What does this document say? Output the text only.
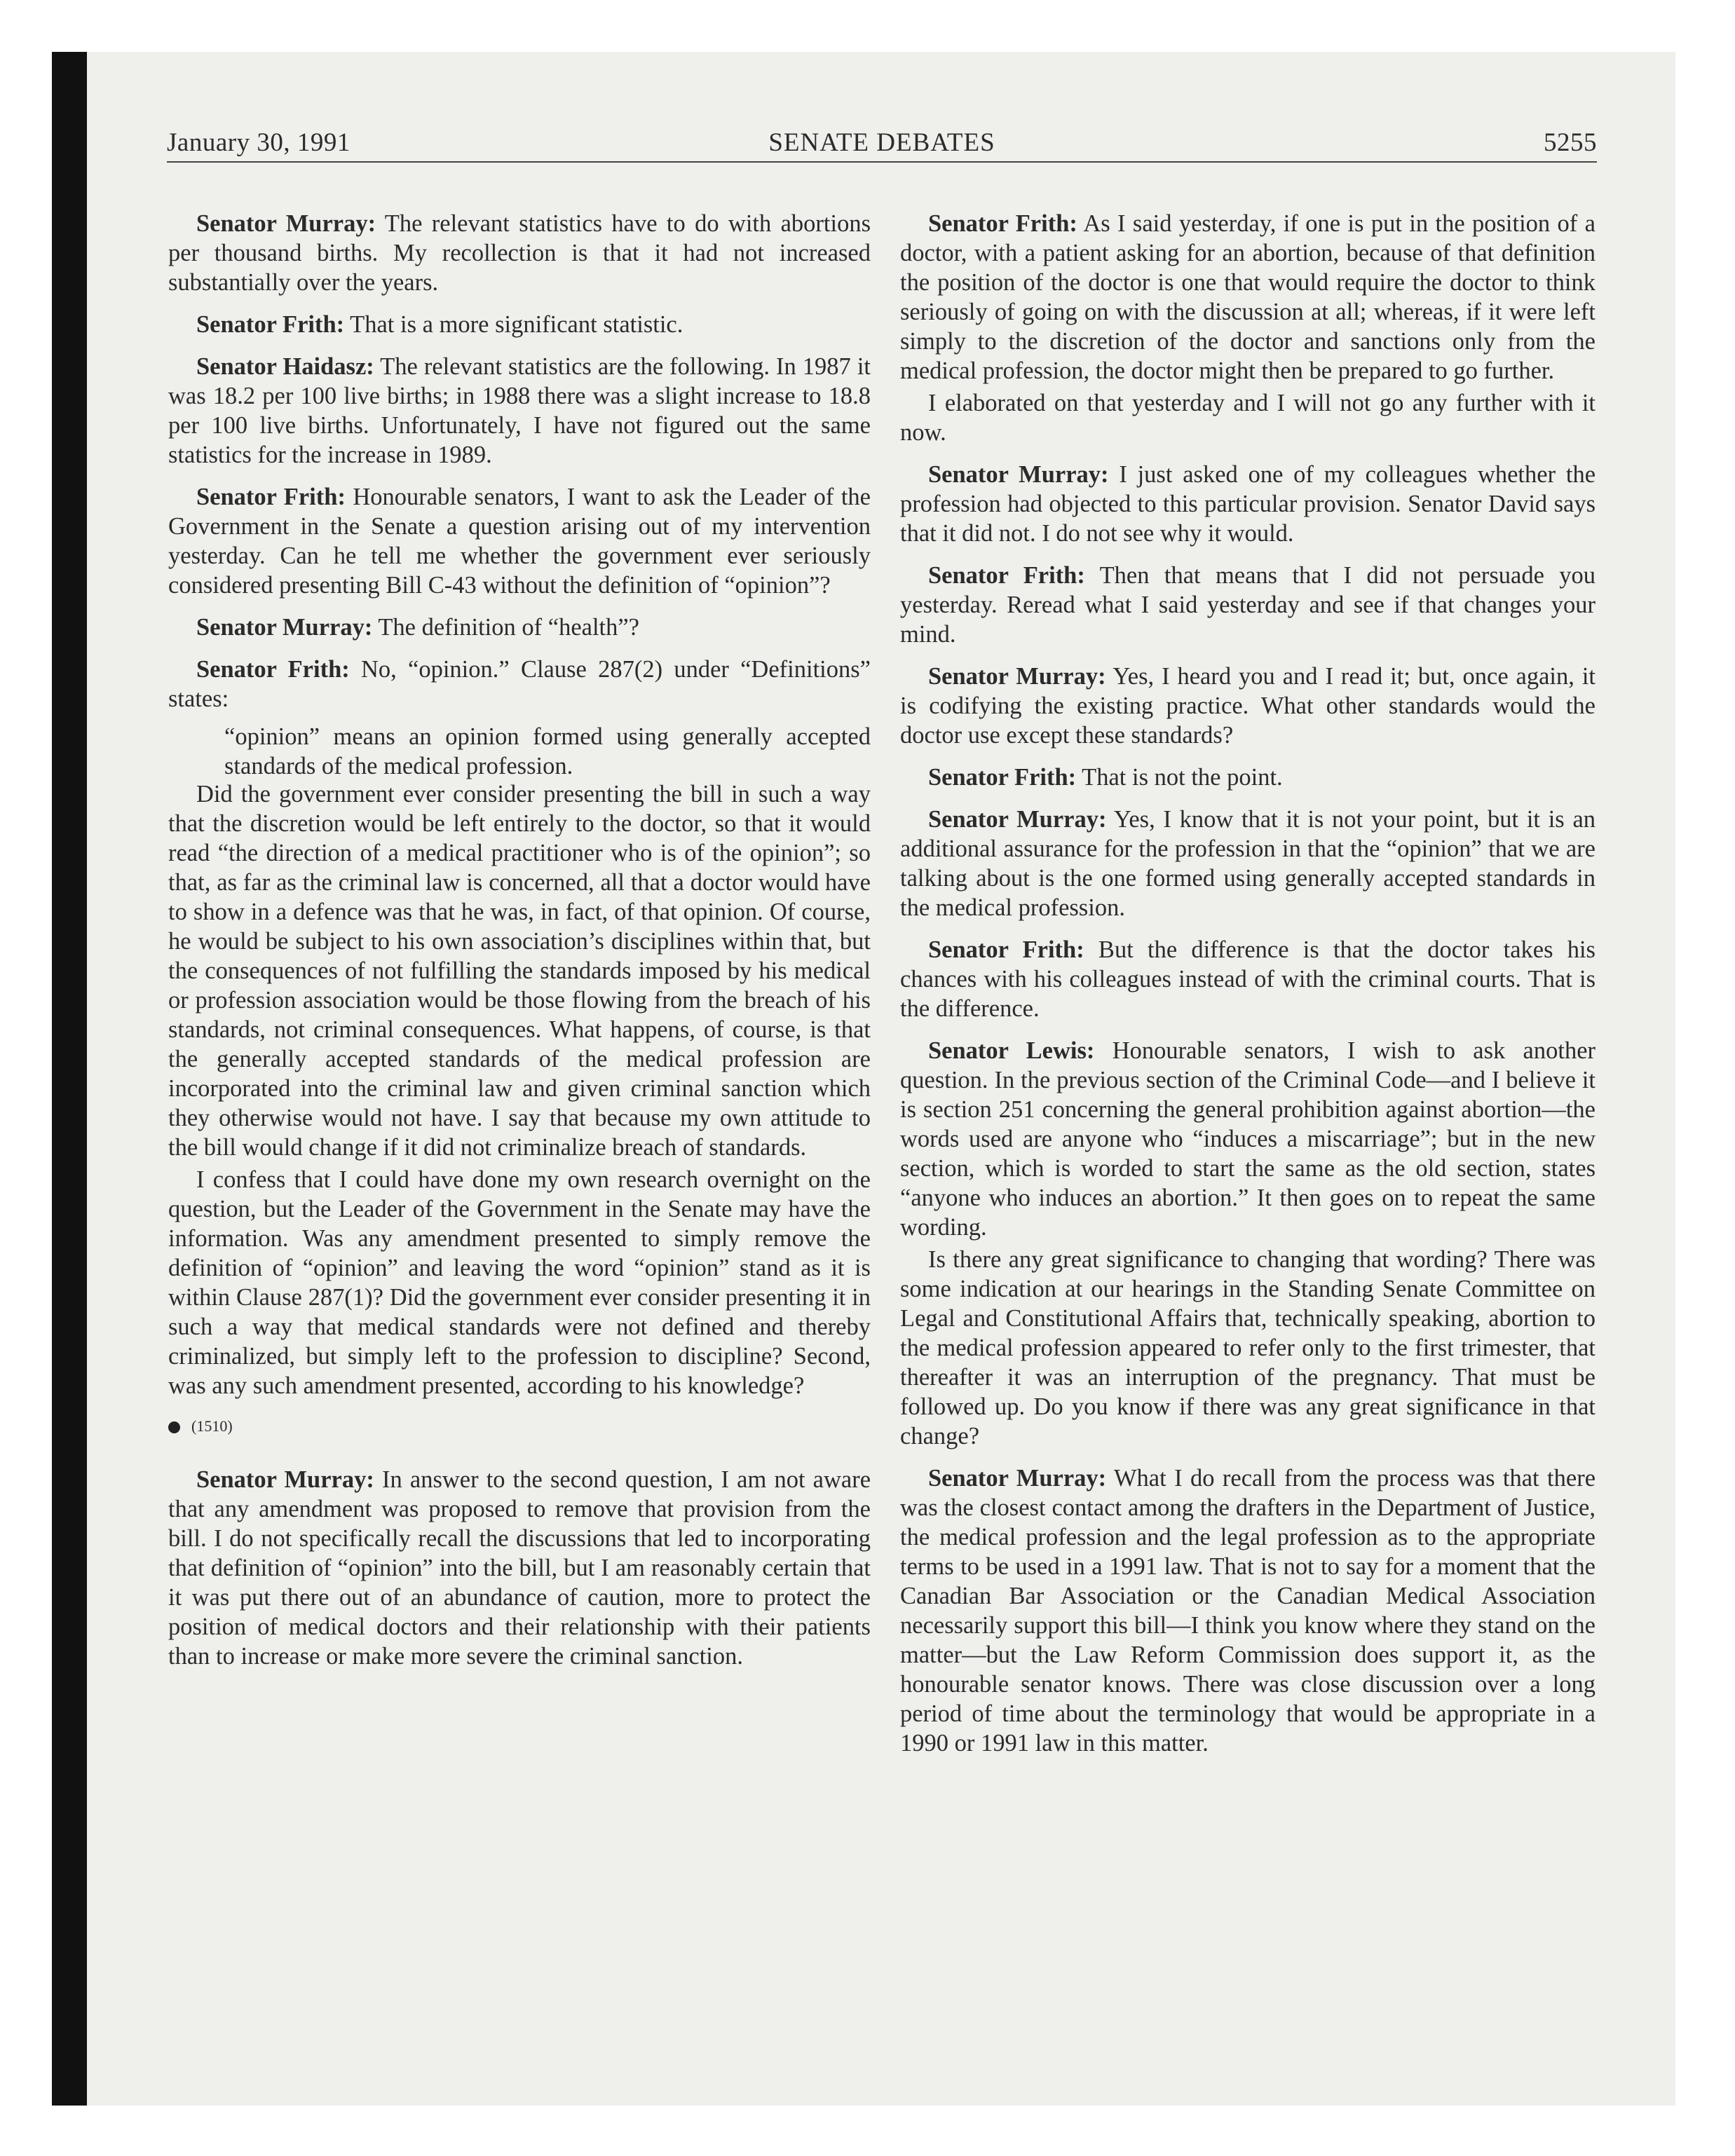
January 30, 1991	SENATE DEBATES	5255

Senator Murray: The relevant statistics have to do with abortions per thousand births. My recollection is that it had not increased substantially over the years.

Senator Frith: That is a more significant statistic.

Senator Haidasz: The relevant statistics are the following. In 1987 it was 18.2 per 100 live births; in 1988 there was a slight increase to 18.8 per 100 live births. Unfortunately, I have not figured out the same statistics for the increase in 1989.

Senator Frith: Honourable senators, I want to ask the Leader of the Government in the Senate a question arising out of my intervention yesterday. Can he tell me whether the government ever seriously considered presenting Bill C-43 without the definition of “opinion”?

Senator Murray: The definition of “health”?

Senator Frith: No, “opinion.” Clause 287(2) under “Definitions” states:

“opinion” means an opinion formed using generally accepted standards of the medical profession.

Did the government ever consider presenting the bill in such a way that the discretion would be left entirely to the doctor, so that it would read “the direction of a medical practitioner who is of the opinion”; so that, as far as the criminal law is concerned, all that a doctor would have to show in a defence was that he was, in fact, of that opinion. Of course, he would be subject to his own association’s disciplines within that, but the consequences of not fulfilling the standards imposed by his medical or profession association would be those flowing from the breach of his standards, not criminal consequences. What happens, of course, is that the generally accepted standards of the medical profession are incorporated into the criminal law and given criminal sanction which they otherwise would not have. I say that because my own attitude to the bill would change if it did not criminalize breach of standards.

I confess that I could have done my own research overnight on the question, but the Leader of the Government in the Senate may have the information. Was any amendment presented to simply remove the definition of “opinion” and leaving the word “opinion” stand as it is within Clause 287(1)? Did the government ever consider presenting it in such a way that medical standards were not defined and thereby criminalized, but simply left to the profession to discipline? Second, was any such amendment presented, according to his knowledge?

(1510)

Senator Murray: In answer to the second question, I am not aware that any amendment was proposed to remove that provision from the bill. I do not specifically recall the discussions that led to incorporating that definition of “opinion” into the bill, but I am reasonably certain that it was put there out of an abundance of caution, more to protect the position of medical doctors and their relationship with their patients than to increase or make more severe the criminal sanction.

Senator Frith: As I said yesterday, if one is put in the position of a doctor, with a patient asking for an abortion, because of that definition the position of the doctor is one that would require the doctor to think seriously of going on with the discussion at all; whereas, if it were left simply to the discretion of the doctor and sanctions only from the medical profession, the doctor might then be prepared to go further.

I elaborated on that yesterday and I will not go any further with it now.

Senator Murray: I just asked one of my colleagues whether the profession had objected to this particular provision. Senator David says that it did not. I do not see why it would.

Senator Frith: Then that means that I did not persuade you yesterday. Reread what I said yesterday and see if that changes your mind.

Senator Murray: Yes, I heard you and I read it; but, once again, it is codifying the existing practice. What other standards would the doctor use except these standards?

Senator Frith: That is not the point.

Senator Murray: Yes, I know that it is not your point, but it is an additional assurance for the profession in that the “opinion” that we are talking about is the one formed using generally accepted standards in the medical profession.

Senator Frith: But the difference is that the doctor takes his chances with his colleagues instead of with the criminal courts. That is the difference.

Senator Lewis: Honourable senators, I wish to ask another question. In the previous section of the Criminal Code—and I believe it is section 251 concerning the general prohibition against abortion—the words used are anyone who “induces a miscarriage”; but in the new section, which is worded to start the same as the old section, states “anyone who induces an abortion.” It then goes on to repeat the same wording.

Is there any great significance to changing that wording? There was some indication at our hearings in the Standing Senate Committee on Legal and Constitutional Affairs that, technically speaking, abortion to the medical profession appeared to refer only to the first trimester, that thereafter it was an interruption of the pregnancy. That must be followed up. Do you know if there was any great significance in that change?

Senator Murray: What I do recall from the process was that there was the closest contact among the drafters in the Department of Justice, the medical profession and the legal profession as to the appropriate terms to be used in a 1991 law. That is not to say for a moment that the Canadian Bar Association or the Canadian Medical Association necessarily support this bill—I think you know where they stand on the matter—but the Law Reform Commission does support it, as the honourable senator knows. There was close discussion over a long period of time about the terminology that would be appropriate in a 1990 or 1991 law in this matter.
